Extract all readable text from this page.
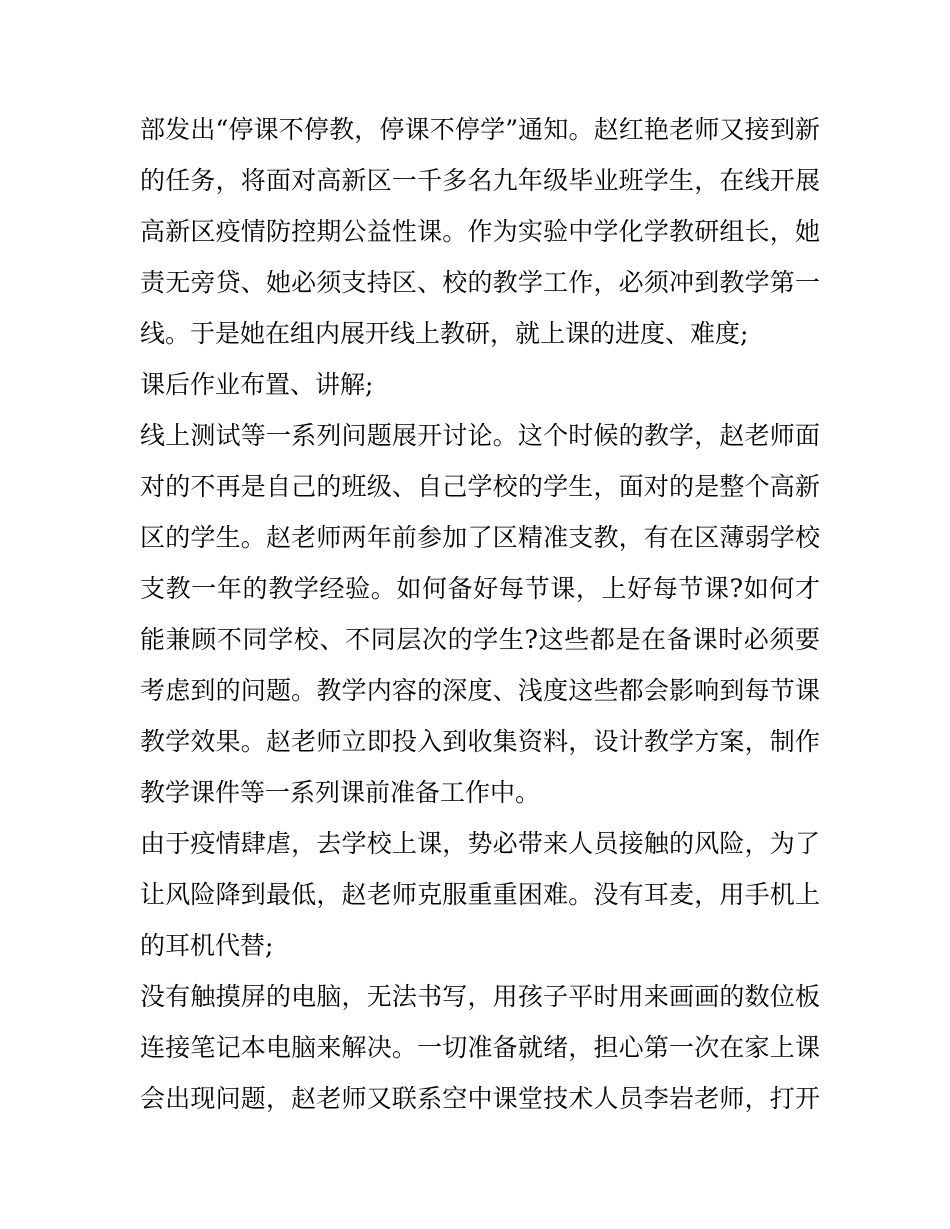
部发出“停课不停教，停课不停学”通知。赵红艳老师又接到新
的任务，将面对高新区一千多名九年级毕业班学生，在线开展
高新区疫情防控期公益性课。作为实验中学化学教研组长，她
责无旁贷、她必须支持区、校的教学工作，必须冲到教学第一
线。于是她在组内展开线上教研，就上课的进度、难度;
课后作业布置、讲解;
线上测试等一系列问题展开讨论。这个时候的教学，赵老师面
对的不再是自己的班级、自己学校的学生，面对的是整个高新
区的学生。赵老师两年前参加了区精准支教，有在区薄弱学校
支教一年的教学经验。如何备好每节课，上好每节课?如何才
能兼顾不同学校、不同层次的学生?这些都是在备课时必须要
考虑到的问题。教学内容的深度、浅度这些都会影响到每节课
教学效果。赵老师立即投入到收集资料，设计教学方案，制作
教学课件等一系列课前准备工作中。
由于疫情肆虐，去学校上课，势必带来人员接触的风险，为了
让风险降到最低，赵老师克服重重困难。没有耳麦，用手机上
的耳机代替;
没有触摸屏的电脑，无法书写，用孩子平时用来画画的数位板
连接笔记本电脑来解决。一切准备就绪，担心第一次在家上课
会出现问题，赵老师又联系空中课堂技术人员李岩老师，打开
